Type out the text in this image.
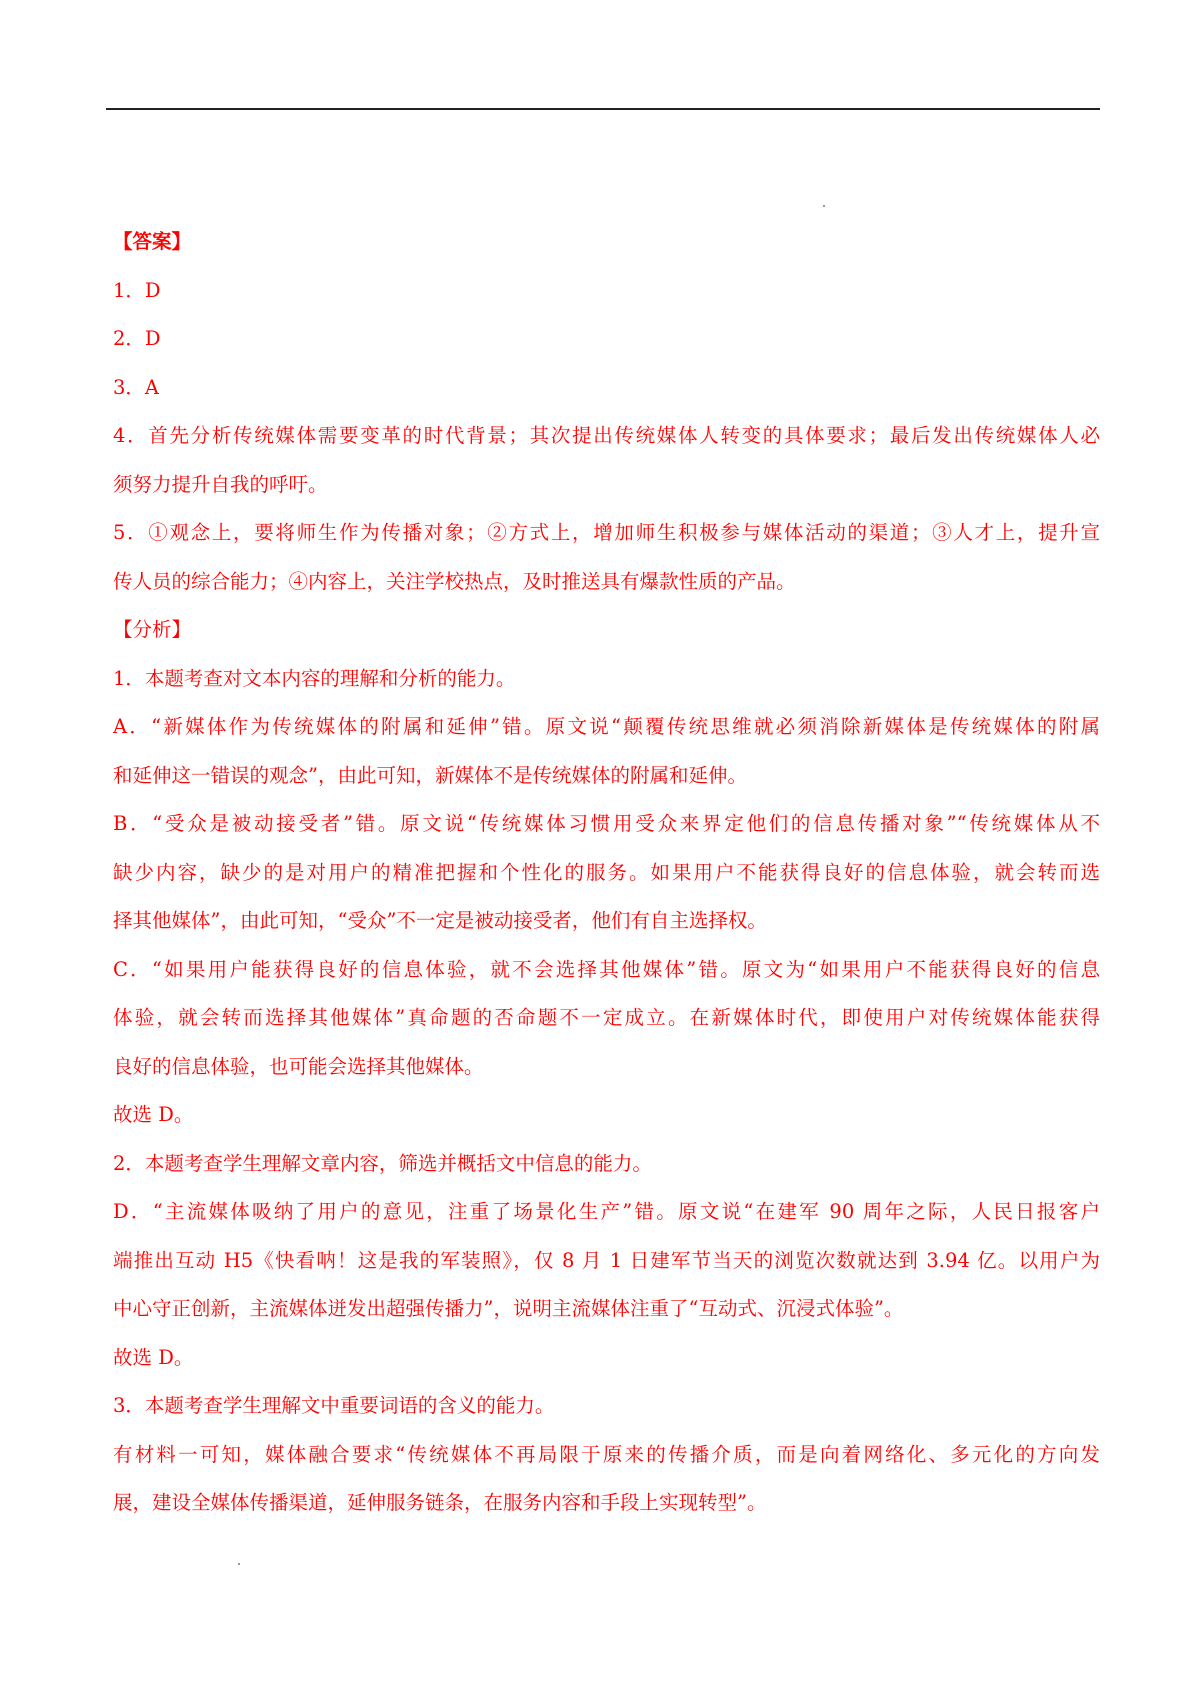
【答案】

1．D

2．D

3．A

4．首先分析传统媒体需要变革的时代背景；其次提出传统媒体人转变的具体要求；最后发出传统媒体人必

须努力提升自我的呼吁。

5．①观念上，要将师生作为传播对象；②方式上，增加师生积极参与媒体活动的渠道；③人才上，提升宣

传人员的综合能力；④内容上，关注学校热点，及时推送具有爆款性质的产品。

【分析】

1．本题考查对文本内容的理解和分析的能力。

A．“新媒体作为传统媒体的附属和延伸”错。原文说“颠覆传统思维就必须消除新媒体是传统媒体的附属

和延伸这一错误的观念”，由此可知，新媒体不是传统媒体的附属和延伸。

B．“受众是被动接受者”错。原文说“传统媒体习惯用受众来界定他们的信息传播对象”“传统媒体从不

缺少内容，缺少的是对用户的精准把握和个性化的服务。如果用户不能获得良好的信息体验，就会转而选

择其他媒体”，由此可知，“受众”不一定是被动接受者，他们有自主选择权。

C．“如果用户能获得良好的信息体验，就不会选择其他媒体”错。原文为“如果用户不能获得良好的信息

体验，就会转而选择其他媒体”真命题的否命题不一定成立。在新媒体时代，即使用户对传统媒体能获得

良好的信息体验，也可能会选择其他媒体。

故选 D。

2．本题考查学生理解文章内容，筛选并概括文中信息的能力。

D．“主流媒体吸纳了用户的意见，注重了场景化生产”错。原文说“在建军 90 周年之际，人民日报客户

端推出互动 H5《快看呐！这是我的军装照》，仅 8 月 1 日建军节当天的浏览次数就达到 3.94 亿。以用户为

中心守正创新，主流媒体迸发出超强传播力”，说明主流媒体注重了“互动式、沉浸式体验”。

故选 D。

3．本题考查学生理解文中重要词语的含义的能力。

有材料一可知，媒体融合要求“传统媒体不再局限于原来的传播介质，而是向着网络化、多元化的方向发

展，建设全媒体传播渠道，延伸服务链条，在服务内容和手段上实现转型”。
